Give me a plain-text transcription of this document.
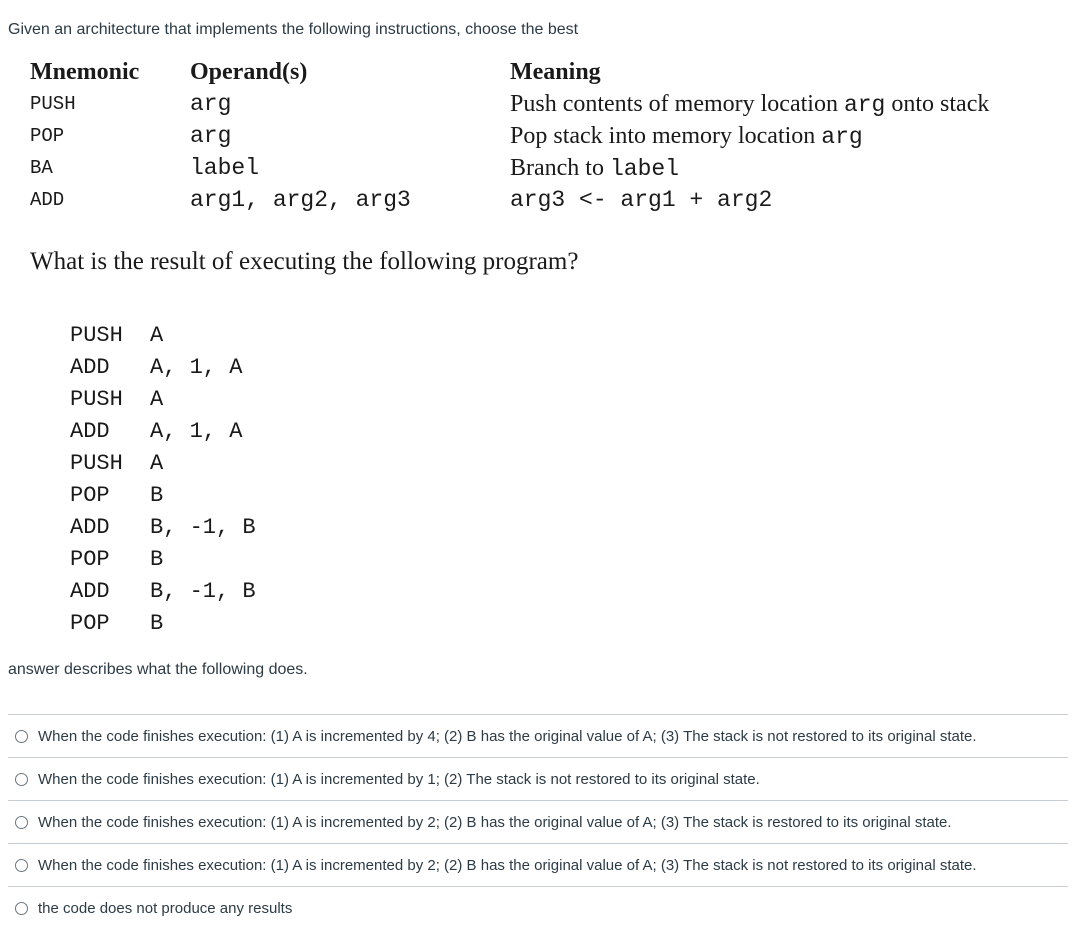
Given an architecture that implements the following instructions, choose the best
Mnemonic Operand(s)	Meaning
PUSH	arg	Push contents of memory location arg onto stack
POP	arg	Pop stack into memory location arg
BA	label	Branch to label
ADD	arg1, arg2, arg3	arg3 <- arg1 + arg2
What is the result of executing the following program?
PUSH	A
ADD	A, 1, A
PUSH	A
ADD	A, 1, A
PUSH	A
POP	B
ADD	B, -1, B
POP	B
ADD	B, -1, B
POP	B
answer describes what the following does.
When the code finishes execution: (1) A is incremented by 4; (2) B has the original value of A; (3) The stack is not restored to its original state.
When the code finishes execution: (1) A is incremented by 1; (2) The stack is not restored to its original state.
When the code finishes execution: (1) A is incremented by 2; (2) B has the original value of A; (3) The stack is restored to its original state.
When the code finishes execution: (1) A is incremented by 2; (2) B has the original value of A; (3) The stack is not restored to its original state.
the code does not produce any results
